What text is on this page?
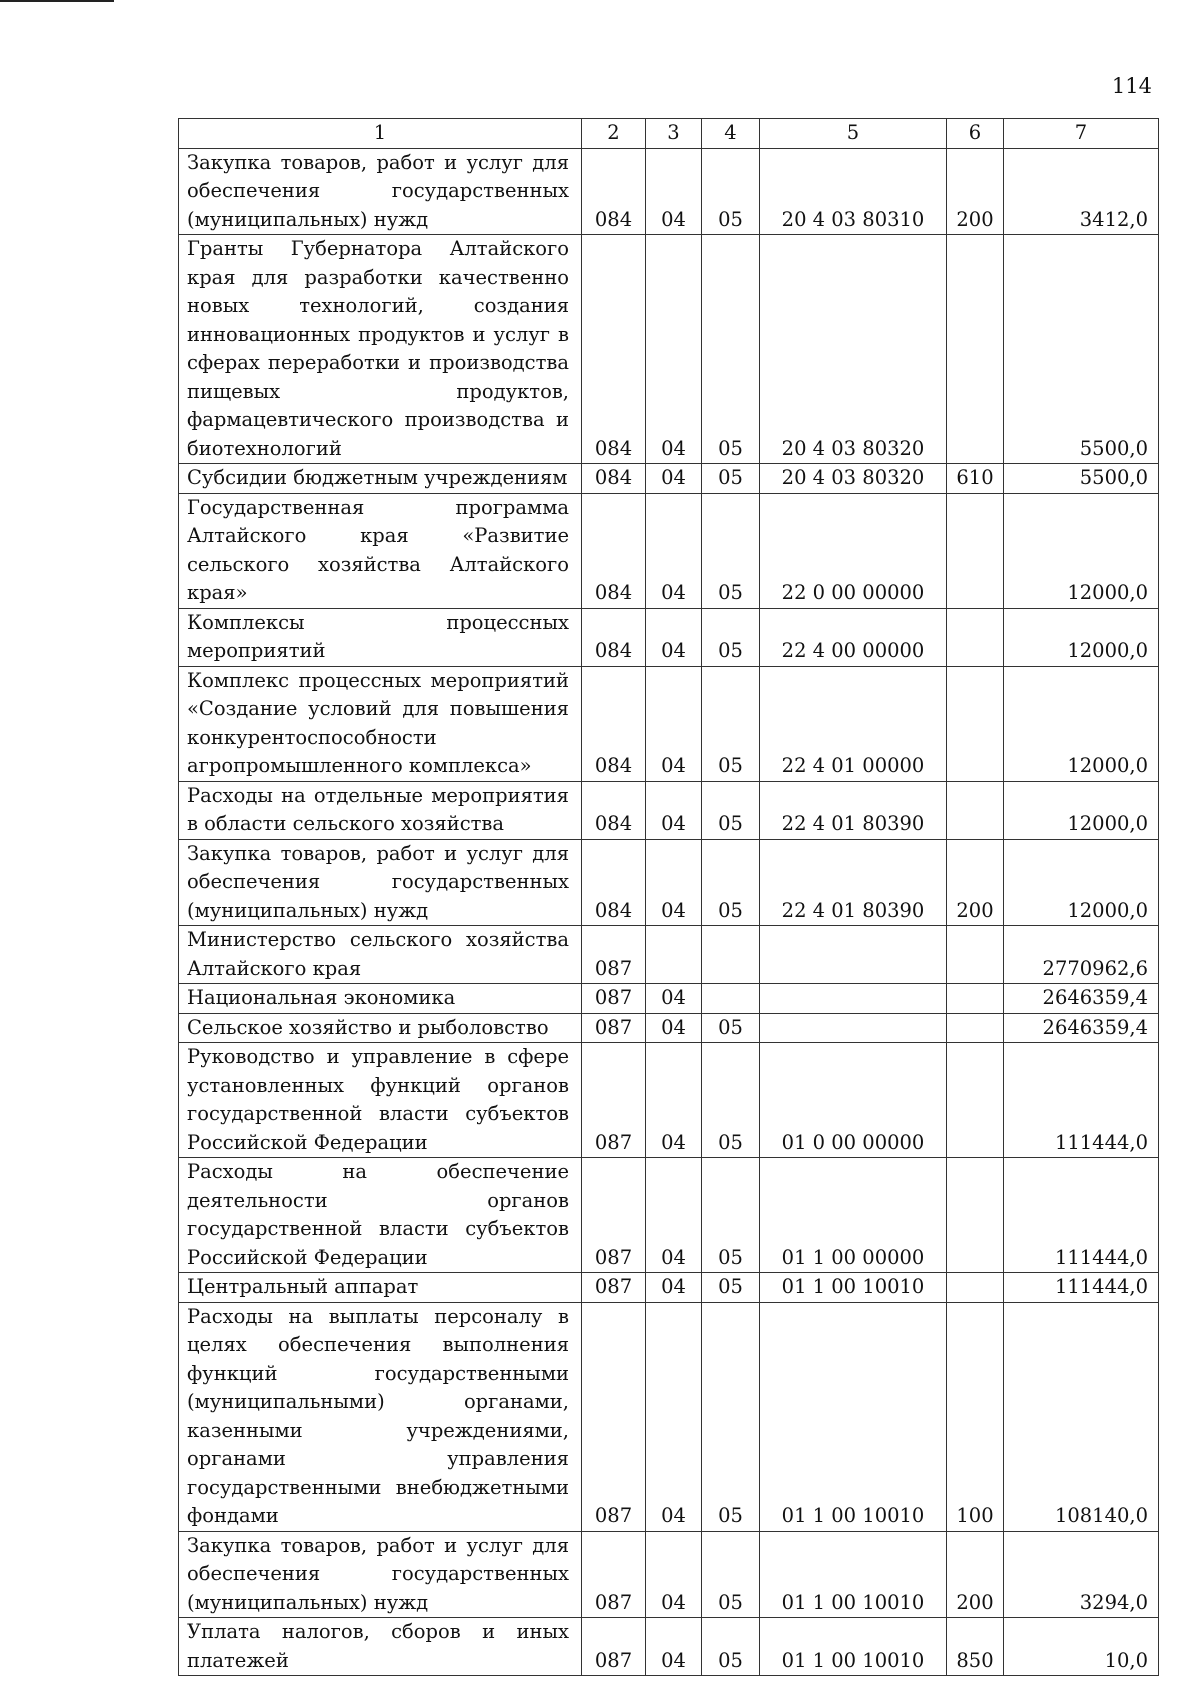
114
1	2	3	4	5	6	7
Закупка товаров, работ и услуг для обеспечения государственных (муниципальных) нужд	084	04	05	20 4 03 80310	200	3412,0
Гранты Губернатора Алтайского края для разработки качественно новых технологий, создания инновационных продуктов и услуг в сферах переработки и производства пищевых продуктов, фармацевтического производства и биотехнологий	084	04	05	20 4 03 80320		5500,0
Субсидии бюджетным учреждениям	084	04	05	20 4 03 80320	610	5500,0
Государственная программа Алтайского края «Развитие сельского хозяйства Алтайского края»	084	04	05	22 0 00 00000		12000,0
Комплексы процессных мероприятий	084	04	05	22 4 00 00000		12000,0
Комплекс процессных мероприятий «Создание условий для повышения конкурентоспособности агропромышленного комплекса»	084	04	05	22 4 01 00000		12000,0
Расходы на отдельные мероприятия в области сельского хозяйства	084	04	05	22 4 01 80390		12000,0
Закупка товаров, работ и услуг для обеспечения государственных (муниципальных) нужд	084	04	05	22 4 01 80390	200	12000,0
Министерство сельского хозяйства Алтайского края	087					2770962,6
Национальная экономика	087	04				2646359,4
Сельское хозяйство и рыболовство	087	04	05			2646359,4
Руководство и управление в сфере установленных функций органов государственной власти субъектов Российской Федерации	087	04	05	01 0 00 00000		111444,0
Расходы на обеспечение деятельности органов государственной власти субъектов Российской Федерации	087	04	05	01 1 00 00000		111444,0
Центральный аппарат	087	04	05	01 1 00 10010		111444,0
Расходы на выплаты персоналу в целях обеспечения выполнения функций государственными (муниципальными) органами, казенными учреждениями, органами управления государственными внебюджетными фондами	087	04	05	01 1 00 10010	100	108140,0
Закупка товаров, работ и услуг для обеспечения государственных (муниципальных) нужд	087	04	05	01 1 00 10010	200	3294,0
Уплата налогов, сборов и иных платежей	087	04	05	01 1 00 10010	850	10,0
